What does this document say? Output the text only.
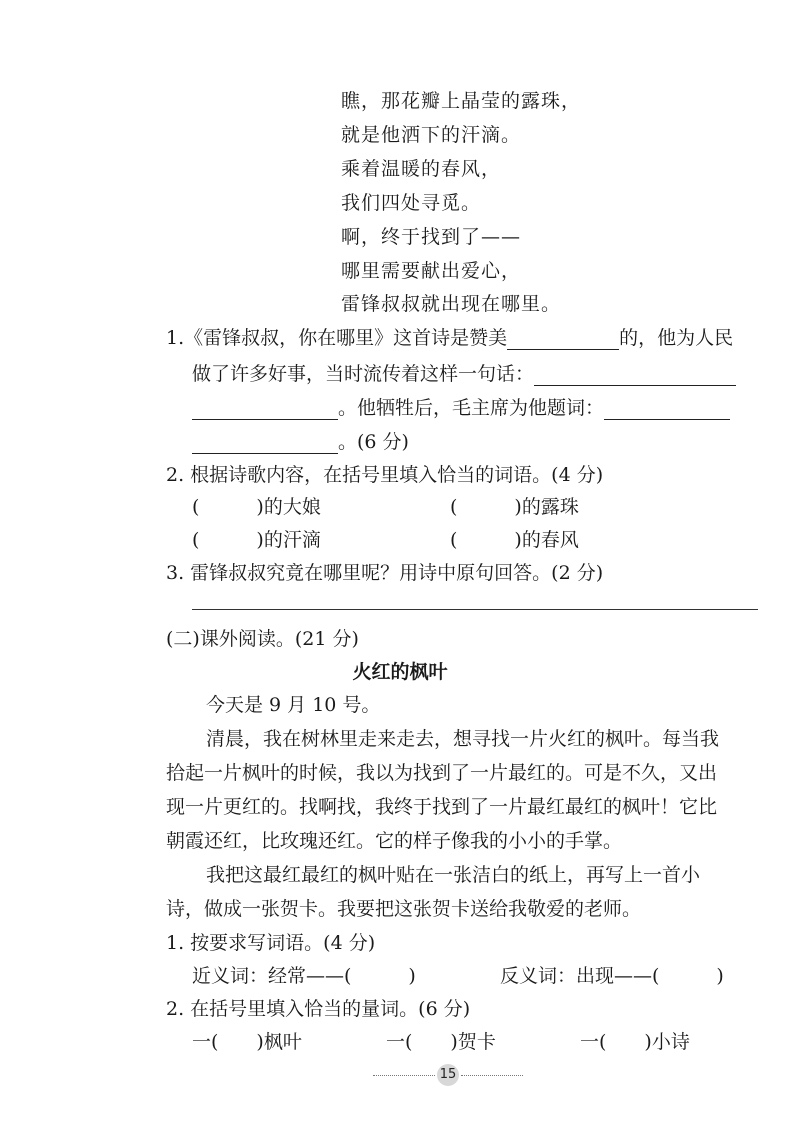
瞧，那花瓣上晶莹的露珠，
就是他洒下的汗滴。
乘着温暖的春风，
我们四处寻觅。
啊，终于找到了——
哪里需要献出爱心，
雷锋叔叔就出现在哪里。
1.《雷锋叔叔，你在哪里》这首诗是赞美	的，他为人民
做了许多好事，当时流传着这样一句话：
。他牺牲后，毛主席为他题词：
。(6 分)
2. 根据诗歌内容，在括号里填入恰当的词语。(4 分)
(　　　)的大娘	(　　　)的露珠
(　　　)的汗滴	(　　　)的春风
3. 雷锋叔叔究竟在哪里呢？用诗中原句回答。(2 分)
(二)课外阅读。(21 分)
火红的枫叶
今天是 9 月 10 号。
清晨，我在树林里走来走去，想寻找一片火红的枫叶。每当我
拾起一片枫叶的时候，我以为找到了一片最红的。可是不久，又出
现一片更红的。找啊找，我终于找到了一片最红最红的枫叶！它比
朝霞还红，比玫瑰还红。它的样子像我的小小的手掌。
我把这最红最红的枫叶贴在一张洁白的纸上，再写上一首小
诗，做成一张贺卡。我要把这张贺卡送给我敬爱的老师。
1. 按要求写词语。(4 分)
近义词：经常——(　　　)	反义词：出现——(　　　)
2. 在括号里填入恰当的量词。(6 分)
一(　　)枫叶	一(　　)贺卡	一(　　)小诗
15
